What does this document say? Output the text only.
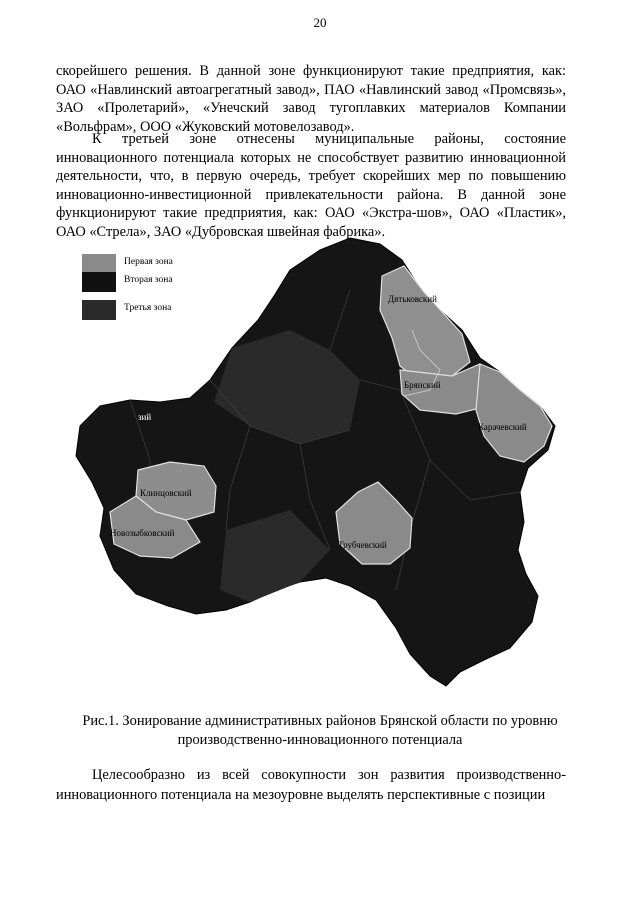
20

скорейшего решения. В данной зоне функционируют такие предприятия, как: ОАО «Навлинский автоагрегатный завод», ПАО «Навлинский завод «Промсвязь», ЗАО «Пролетарий», «Унечский завод тугоплавких материалов Компании «Вольфрам», ООО «Жуковский мотовелозавод».

К третьей зоне отнесены муниципальные районы, состояние инновационного потенциала которых не способствует развитию инновационной деятельности, что, в первую очередь, требует скорейших мер по повышению инновационно-инвестиционной привлекательности района. В данной зоне функционируют такие предприятия, как: ОАО «Экстра-шов», ОАО «Пластик», ОАО «Стрела», ЗАО «Дубровская швейная фабрика».

Дятьковский
Брянский
Карачевский
Клинцовский
Новозыбковский
Трубчевский
зий
Первая зона
Вторая зона
Третья зона
Рис.1. Зонирование административных районов Брянской области по уровню
производственно-инновационного потенциала

Целесообразно из всей совокупности зон развития производственно-инновационного потенциала на мезоуровне выделять перспективные с позиции
